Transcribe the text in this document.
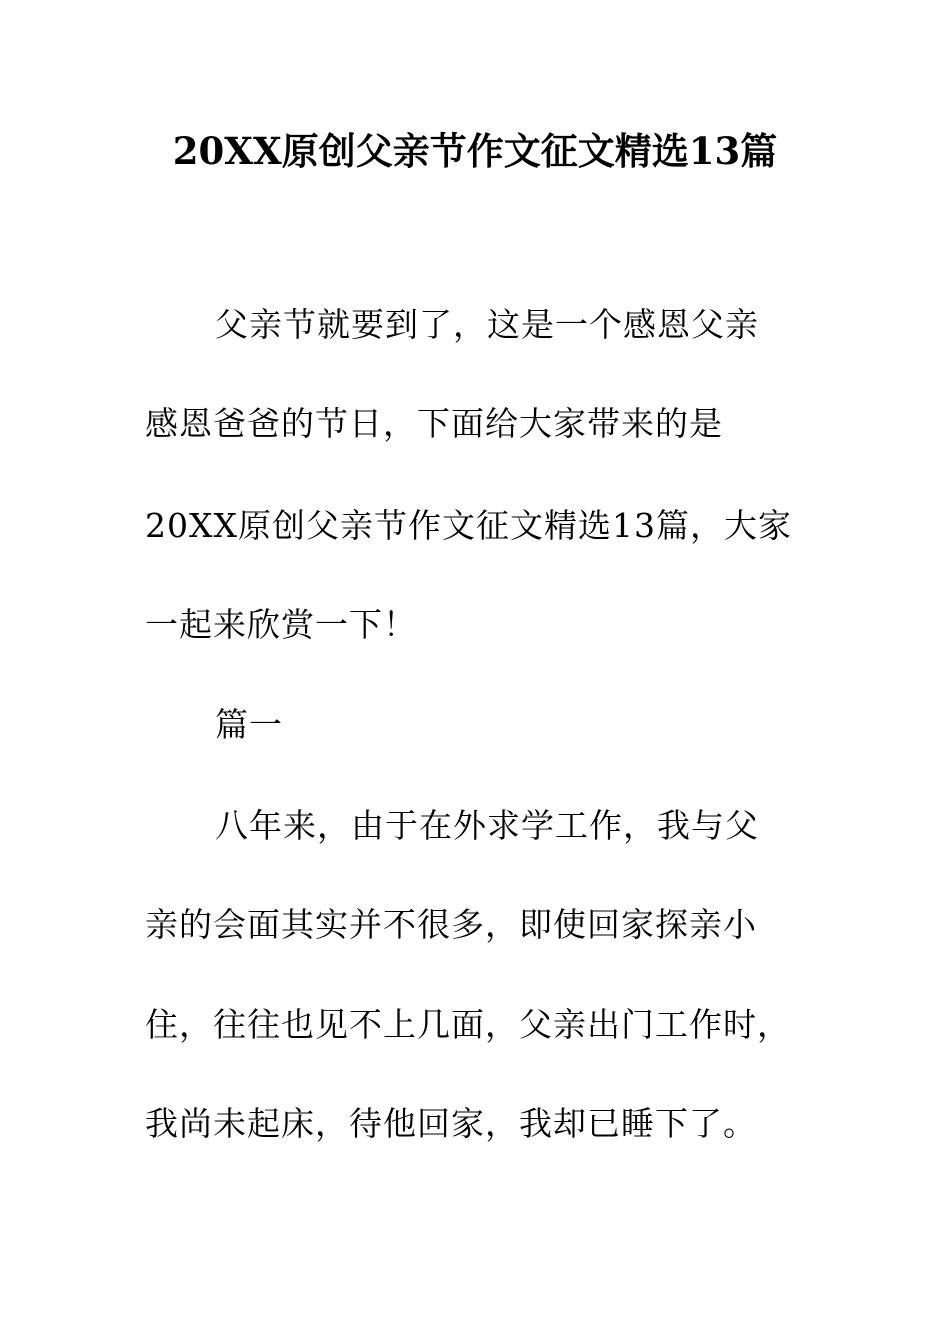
20XX原创父亲节作文征文精选13篇
父亲节就要到了，这是一个感恩父亲
感恩爸爸的节日，下面给大家带来的是
20XX原创父亲节作文征文精选13篇，大家
一起来欣赏一下！
篇一
八年来，由于在外求学工作，我与父
亲的会面其实并不很多，即使回家探亲小
住，往往也见不上几面，父亲出门工作时，
我尚未起床，待他回家，我却已睡下了。
